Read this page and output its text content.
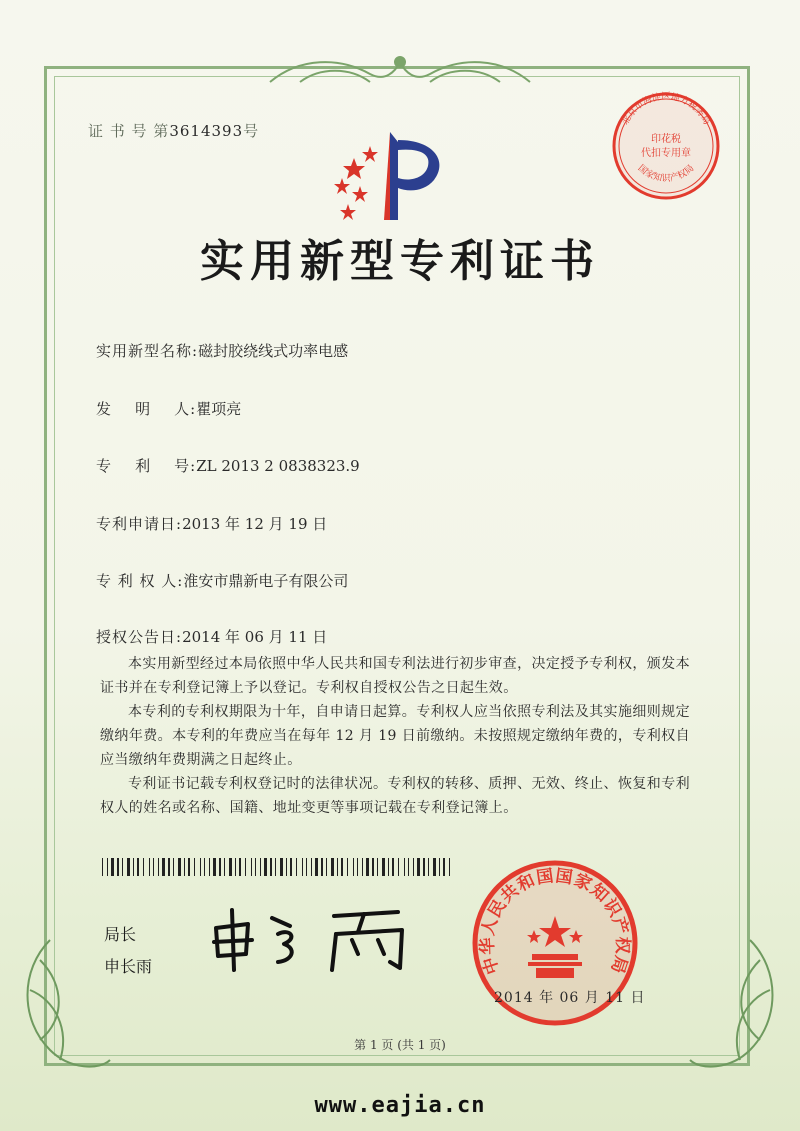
证 书 号 第3614393号
实用新型专利证书
实用新型名称:磁封胶绕线式功率电感
发    明    人:瞿项亮
专    利    号:ZL 2013 2 0838323.9
专利申请日:2013 年 12 月 19 日
专 利 权 人:淮安市鼎新电子有限公司
授权公告日:2014 年 06 月 11 日

本实用新型经过本局依照中华人民共和国专利法进行初步审查，决定授予专利权，颁发本证书并在专利登记簿上予以登记。专利权自授权公告之日起生效。

本专利的专利权期限为十年，自申请日起算。专利权人应当依照专利法及其实施细则规定缴纳年费。本专利的年费应当在每年 12 月 19 日前缴纳。未按照规定缴纳年费的，专利权自应当缴纳年费期满之日起终止。

专利证书记载专利权登记时的法律状况。专利权的转移、质押、无效、终止、恢复和专利权人的姓名或名称、国籍、地址变更等事项记载在专利登记簿上。

局长
申长雨	中华人民共和国国家知识产权局
北京市海淀区地方税务局
印花税
代扣专用章
国家知识产权局
2014 年 06 月 11 日
第 1 页 (共 1 页)
www.eajia.cn
